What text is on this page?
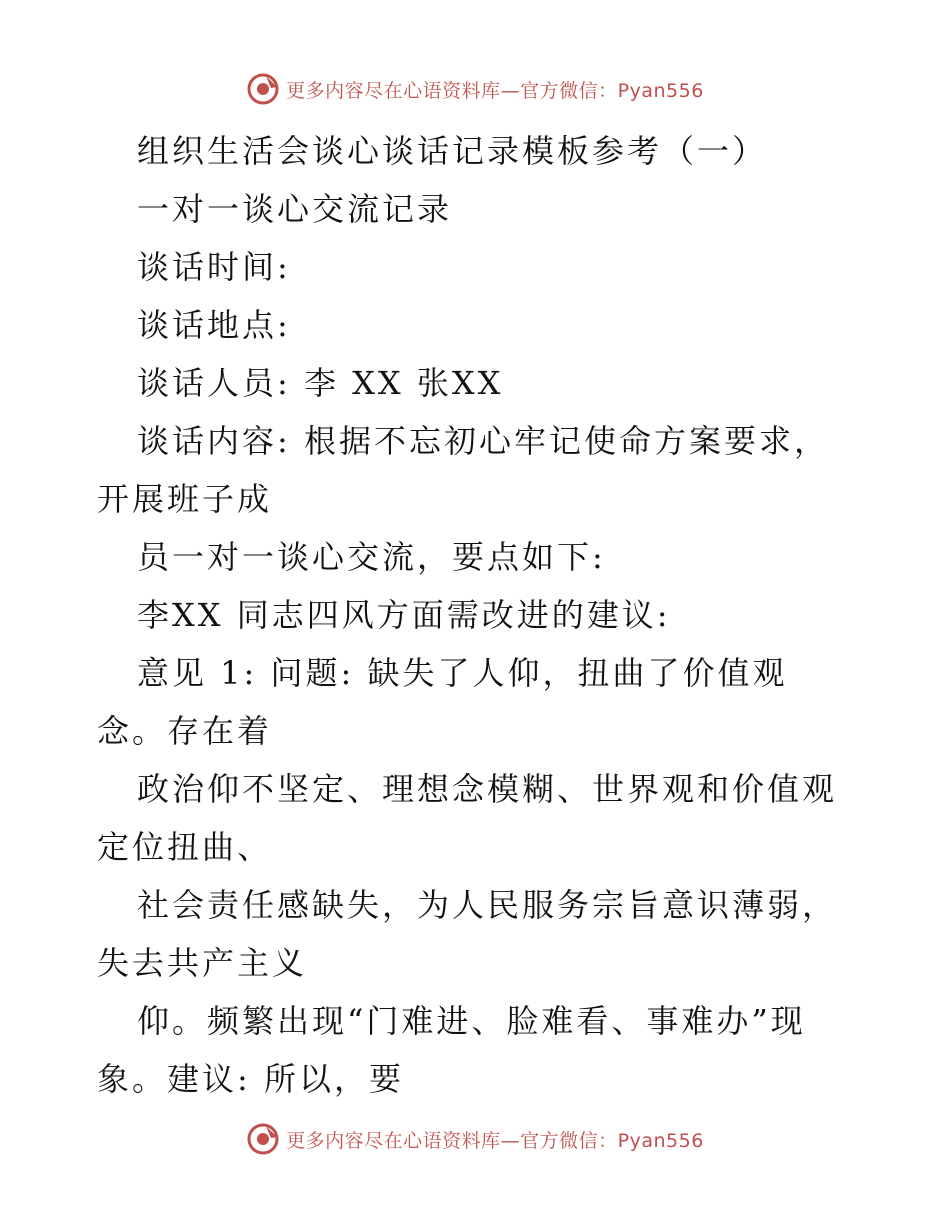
更多内容尽在心语资料库—官方微信：Pyan556

组织生活会谈心谈话记录模板参考（一）

一对一谈心交流记录

谈话时间:

谈话地点:

谈话人员: 李 XX 张XX

谈话内容: 根据不忘初心牢记使命方案要求，开展班子成

员一对一谈心交流，要点如下:

李XX 同志四风方面需改进的建议:

意见 1: 问题: 缺失了人仰，扭曲了价值观念。存在着

政治仰不坚定、理想念模糊、世界观和价值观定位扭曲、

社会责任感缺失，为人民服务宗旨意识薄弱，失去共产主义

仰。频繁出现“门难进、脸难看、事难办”现象。建议: 所以，要

更多内容尽在心语资料库—官方微信：Pyan556
